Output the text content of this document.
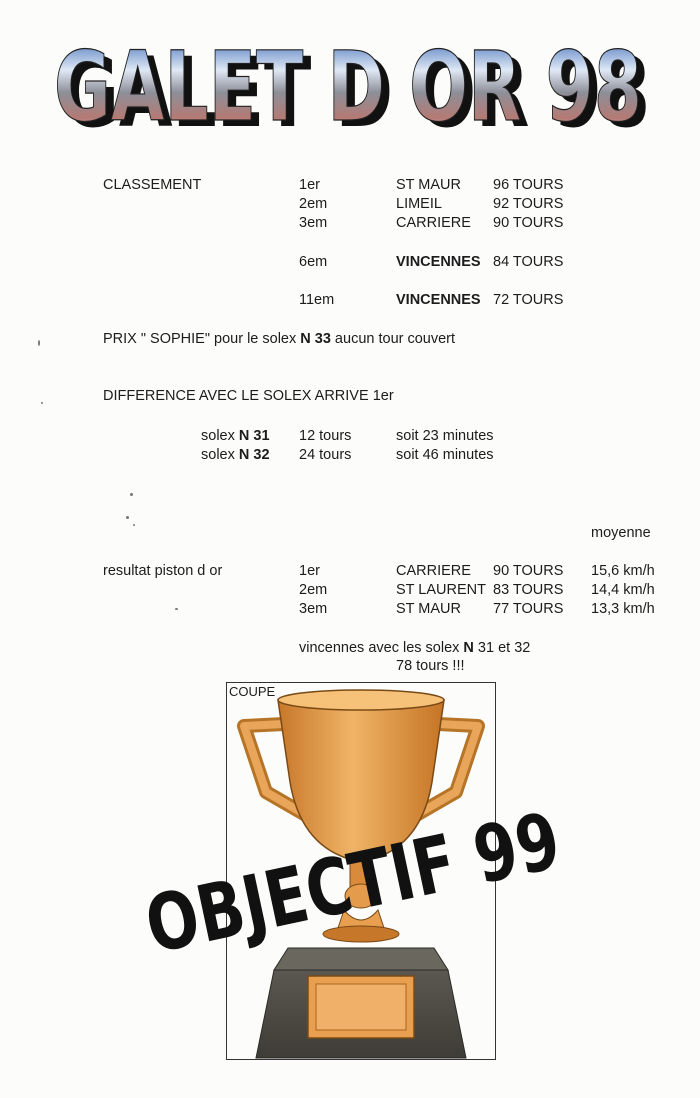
GALET D OR 98
GALET D OR 98
CLASSEMENT	1er	ST MAUR 96 TOURS
2em	LIMEIL	92 TOURS
3em	CARRIERE 90 TOURS
6em	VINCENNES 84 TOURS
11em	VINCENNES 72 TOURS
PRIX " SOPHIE" pour le solex N 33 aucun tour couvert
DIFFERENCE AVEC LE SOLEX ARRIVE 1er
solex N 31 12 tours	soit 23 minutes
solex N 32 24 tours	soit 46 minutes
moyenne
resultat piston d or	1er	CARRIERE 90 TOURS 15,6 km/h
2em	ST LAURENT 83 TOURS 14,4 km/h
3em	ST MAUR 77 TOURS 13,3 km/h
vincennes avec les solex N 31 et 32
78 tours !!!
COUPE
OBJECTIF 99
